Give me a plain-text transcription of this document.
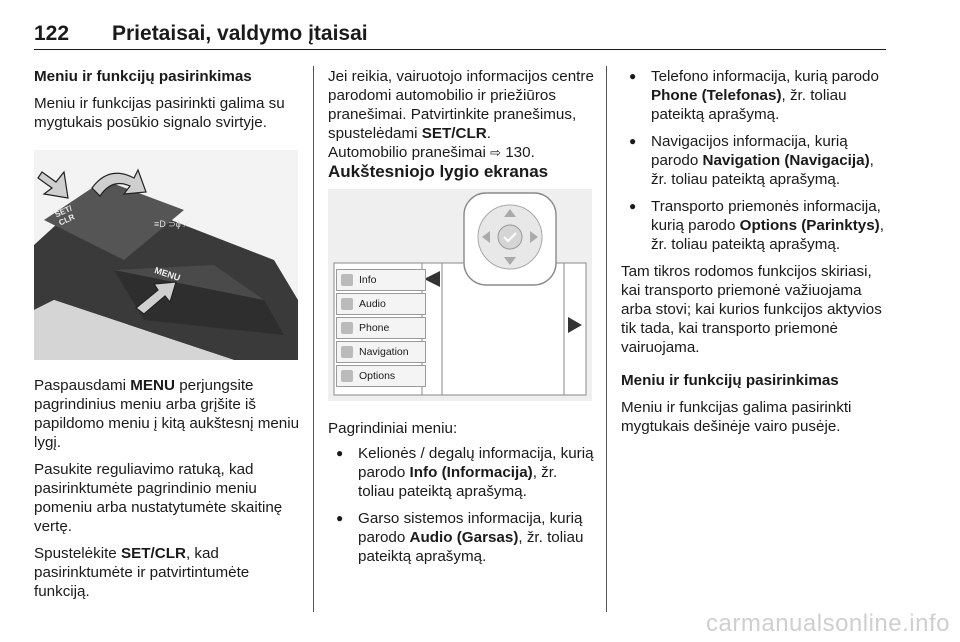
122 Prietaisai, valdymo įtaisai

Meniu ir funkcijų pasirinkimas

Meniu ir funkcijas pasirinkti galima su mygtukais posūkio signalo svirtyje.

≡D ⊃ɸ ⟋
SET/ CLR
MENU

Paspausdami MENU perjungsite pagrindinius meniu arba grįšite iš papildomo meniu į kitą aukštesnį meniu lygį.

Pasukite reguliavimo ratuką, kad pasirinktumėte pagrindinio meniu pomeniu arba nustatytumėte skaitinę vertę.

Spustelėkite SET/CLR, kad pasirinktumėte ir patvirtintumėte funkciją.

Jei reikia, vairuotojo informacijos centre parodomi automobilio ir priežiūros pranešimai. Patvirtinkite pranešimus, spustelėdami SET/CLR.
Automobilio pranešimai ⇨ 130.

Aukštesniojo lygio ekranas

Info
Audio
Phone
Navigation
Options

Pagrindiniai meniu:

● Kelionės / degalų informacija, kurią parodo Info (Informacija), žr. toliau pateiktą aprašymą.
● Garso sistemos informacija, kurią parodo Audio (Garsas), žr. toliau pateiktą aprašymą.
● Telefono informacija, kurią parodo Phone (Telefonas), žr. toliau pateiktą aprašymą.
● Navigacijos informacija, kurią parodo Navigation (Navigacija), žr. toliau pateiktą aprašymą.
● Transporto priemonės informacija, kurią parodo Options (Parinktys), žr. toliau pateiktą aprašymą.

Tam tikros rodomos funkcijos skiriasi, kai transporto priemonė važiuojama arba stovi; kai kurios funkcijos aktyvios tik tada, kai transporto priemonė vairuojama.

Meniu ir funkcijų pasirinkimas

Meniu ir funkcijas galima pasirinkti mygtukais dešinėje vairo pusėje.

carmanualsonline.info
